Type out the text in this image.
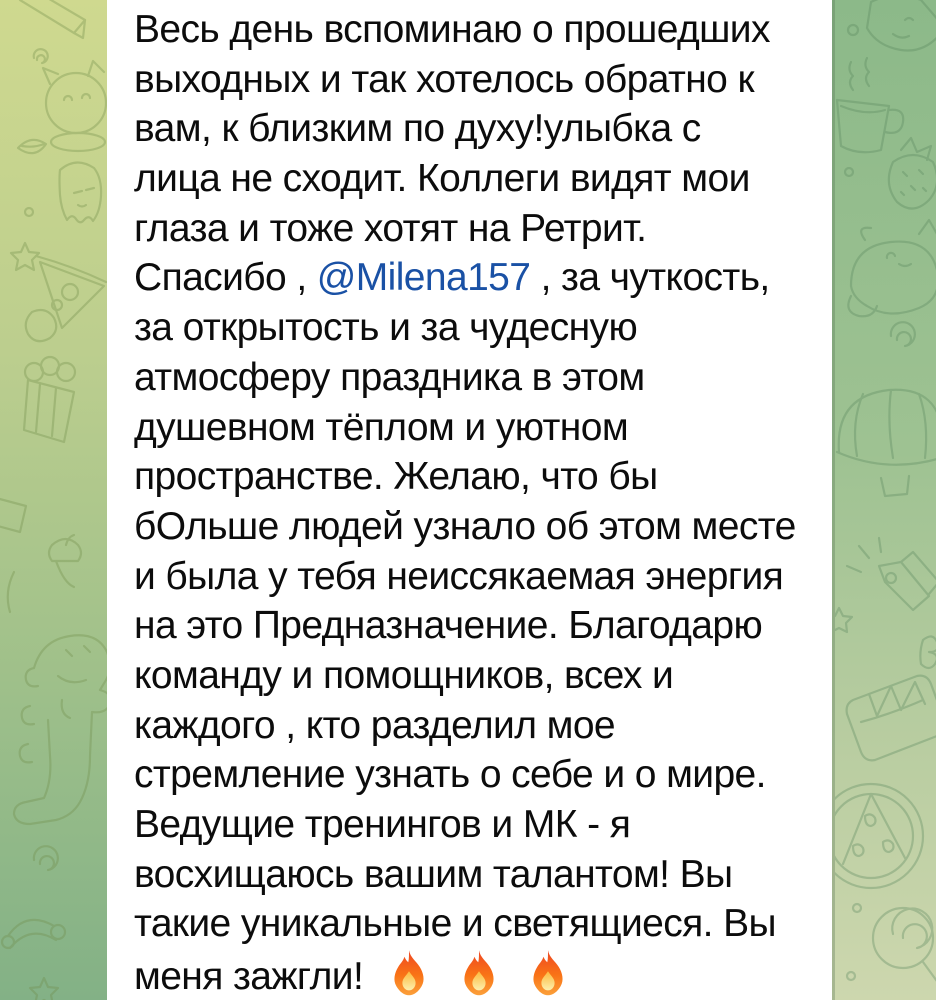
Весь день вспоминаю о прошедших
выходных и так хотелось обратно к
вам, к близким по духу!улыбка с
лица не сходит. Коллеги видят мои
глаза и тоже хотят на Ретрит.
Спасибо , @Milena157 , за чуткость,
за открытость и за чудесную
атмосферу праздника в этом
душевном тёплом и уютном
пространстве. Желаю, что бы
бОльше людей узнало об этом месте
и была у тебя неиссякаемая энергия
на это Предназначение. Благодарю
команду и помощников, всех и
каждого , кто разделил мое
стремление узнать о себе и о мире.
Ведущие тренингов и МК - я
восхищаюсь вашим талантом! Вы
такие уникальные и светящиеся. Вы
меня зажгли!
